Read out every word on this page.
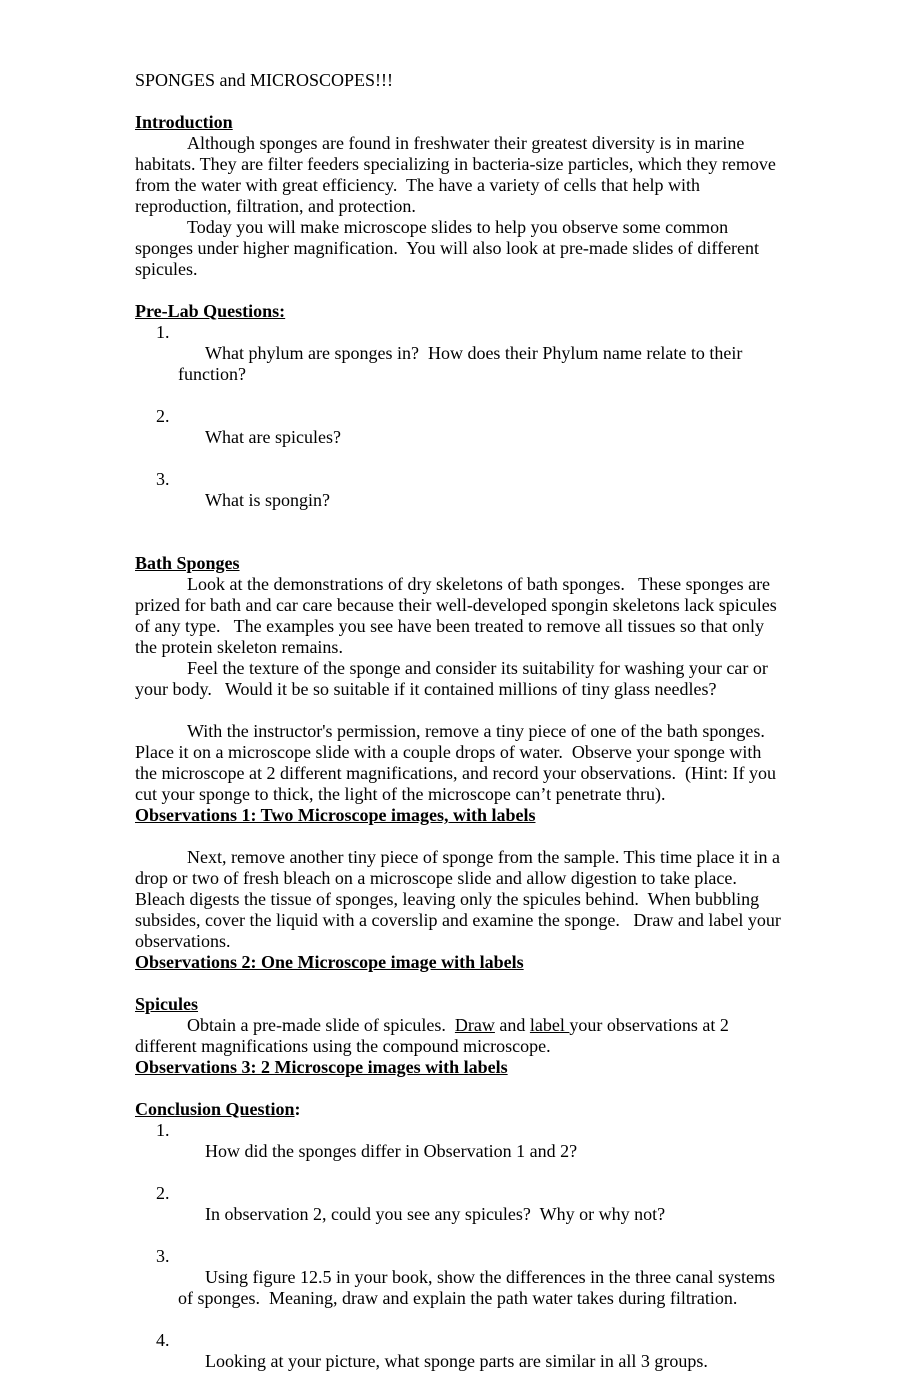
SPONGES and MICROSCOPES!!!

Introduction

Although sponges are found in freshwater their greatest diversity is in marine habitats. They are filter feeders specializing in bacteria-size particles, which they remove from the water with great efficiency.  The have a variety of cells that help with reproduction, filtration, and protection.

Today you will make microscope slides to help you observe some common sponges under higher magnification.  You will also look at pre-made slides of different spicules.

Pre-Lab Questions:

1.
What phylum are sponges in?  How does their Phylum name relate to their function?

2.
What are spicules?

3.
What is spongin?

Bath Sponges

Look at the demonstrations of dry skeletons of bath sponges.   These sponges are prized for bath and car care because their well-developed spongin skeletons lack spicules of any type.   The examples you see have been treated to remove all tissues so that only the protein skeleton remains.

Feel the texture of the sponge and consider its suitability for washing your car or your body.   Would it be so suitable if it contained millions of tiny glass needles?

With the instructor's permission, remove a tiny piece of one of the bath sponges. Place it on a microscope slide with a couple drops of water.  Observe your sponge with the microscope at 2 different magnifications, and record your observations.  (Hint: If you cut your sponge to thick, the light of the microscope can’t penetrate thru).

Observations 1: Two Microscope images, with labels

Next, remove another tiny piece of sponge from the sample. This time place it in a drop or two of fresh bleach on a microscope slide and allow digestion to take place.  Bleach digests the tissue of sponges, leaving only the spicules behind.  When bubbling subsides, cover the liquid with a coverslip and examine the sponge.   Draw and label your observations.

Observations 2: One Microscope image with labels

Spicules

Obtain a pre-made slide of spicules.  Draw and label your observations at 2 different magnifications using the compound microscope.

Observations 3: 2 Microscope images with labels

Conclusion Question:

1.
How did the sponges differ in Observation 1 and 2?

2.
In observation 2, could you see any spicules?  Why or why not?

3.
Using figure 12.5 in your book, show the differences in the three canal systems of sponges.  Meaning, draw and explain the path water takes during filtration.

4.
Looking at your picture, what sponge parts are similar in all 3 groups.
